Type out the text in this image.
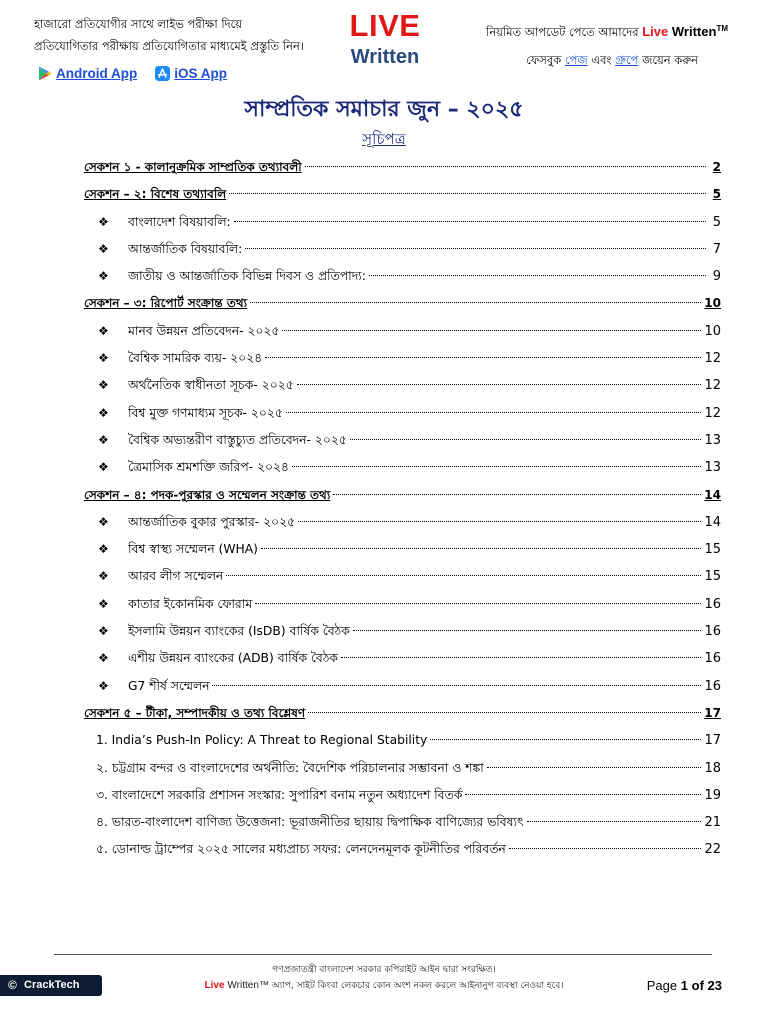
হাজারো প্রতিযোগীর সাথে লাইভ পরীক্ষা দিয়ে
প্রতিযোগিতার পরীক্ষায় প্রতিযোগিতার মাধ্যমেই প্রস্তুতি নিন।
Android App	iOS App
LIVE
Written
নিয়মিত আপডেট পেতে আমাদের Live Written™
ফেসবুক পেজ এবং গ্রুপে জয়েন করুন
সাম্প্রতিক সমাচার জুন – ২০২৫
সূচিপত্র
সেকশন ১ - কালানুক্রমিক সাম্প্রতিক তথ্যাবলী	2
সেকশন – ২: বিশেষ তথ্যাবলি	5
❖	বাংলাদেশ বিষয়াবলি:	5
❖	আন্তর্জাতিক বিষয়াবলি:	7
❖	জাতীয় ও আন্তর্জাতিক বিভিন্ন দিবস ও প্রতিপাদ্য:	9
সেকশন – ৩: রিপোর্ট সংক্রান্ত তথ্য	10
❖	মানব উন্নয়ন প্রতিবেদন- ২০২৫	10
❖	বৈশ্বিক সামরিক ব্যয়- ২০২৪	12
❖	অর্থনৈতিক স্বাধীনতা সূচক- ২০২৫	12
❖	বিশ্ব মুক্ত গণমাধ্যম সূচক- ২০২৫	12
❖	বৈশ্বিক অভ্যন্তরীণ বাস্তুচ্যুত প্রতিবেদন- ২০২৫	13
❖	ত্রৈমাসিক শ্রমশক্তি জরিপ- ২০২৪	13
সেকশন – ৪: পদক-পুরস্কার ও সম্মেলন সংক্রান্ত তথ্য	14
❖	আন্তর্জাতিক বুকার পুরস্কার- ২০২৫	14
❖	বিশ্ব স্বাস্থ্য সম্মেলন (WHA)	15
❖	আরব লীগ সম্মেলন	15
❖	কাতার ইকোনমিক ফোরাম	16
❖	ইসলামি উন্নয়ন ব্যাংকের (IsDB) বার্ষিক বৈঠক	16
❖	এশীয় উন্নয়ন ব্যাংকের (ADB) বার্ষিক বৈঠক	16
❖	G7 শীর্ষ সম্মেলন	16
সেকশন ৫ – টীকা, সম্পাদকীয় ও তথ্য বিশ্লেষণ	17
1. India’s Push-In Policy: A Threat to Regional Stability	17
২. চট্টগ্রাম বন্দর ও বাংলাদেশের অর্থনীতি: বৈদেশিক পরিচালনার সম্ভাবনা ও শঙ্কা	18
৩. বাংলাদেশে সরকারি প্রশাসন সংস্কার: সুপারিশ বনাম নতুন অধ্যাদেশ বিতর্ক	19
৪. ভারত-বাংলাদেশ বাণিজ্য উত্তেজনা: ভূরাজনীতির ছায়ায় দ্বিপাক্ষিক বাণিজ্যের ভবিষ্যৎ	21
৫. ডোনাল্ড ট্রাম্পের ২০২৫ সালের মধ্যপ্রাচ্য সফর: লেনদেনমূলক কূটনীতির পরিবর্তন	22
গণপ্রজাতন্ত্রী বাংলাদেশ সরকার কপিরাইট আইন দ্বারা সংরক্ষিত।
Live Written™ অ্যাপ, সাইট কিংবা লেকচার কোন অংশ নকল করলে আইনানুগ ব্যবস্থা নেওয়া হবে।	Page 1 of 23
© CrackTech
